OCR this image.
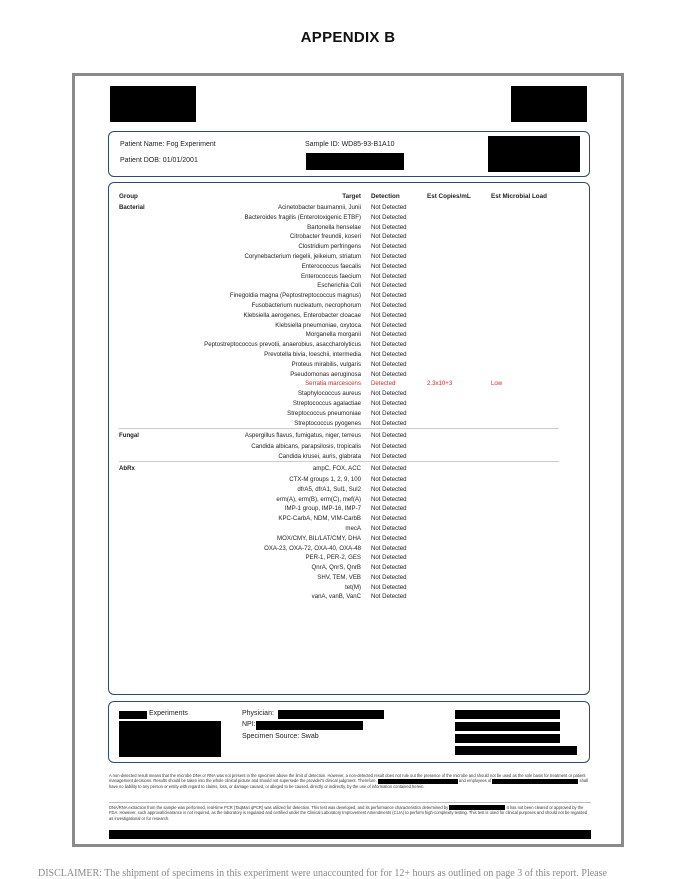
APPENDIX B
Patient Name: Fog Experiment
Patient DOB: 01/01/2001
Sample ID: WD85-93-B1A10
Group	Target	Detection	Est Copies/mL	Est Microbial Load
Bacterial	Acinetobacter baumannii, Junii	Not Detected		
	Bacteroides fragilis (Enterotoxigenic ETBF)	Not Detected		
	Bartonella henselae	Not Detected		
	Citrobacter freundii, koseri	Not Detected		
	Clostridium perfringens	Not Detected		
	Corynebacterium riegelii, jeikeium, striatum	Not Detected		
	Enterococcus faecalis	Not Detected		
	Enterococcus faecium	Not Detected		
	Escherichia Coli	Not Detected		
	Finegoldia magna (Peptostreptococcus magnus)	Not Detected		
	Fusobacterium nucleatum, necrophorum	Not Detected		
	Klebsiella aerogenes, Enterobacter cloacae	Not Detected		
	Klebsiella pneumoniae, oxytoca	Not Detected		
	Morganella morganii	Not Detected		
	Peptostreptococcus prevotii, anaerobius, asaccharolyticus	Not Detected		
	Prevotella bivia, loeschii, intermedia	Not Detected		
	Proteus mirabilis, vulgaris	Not Detected		
	Pseudomonas aeruginosa	Not Detected		
	Serratia marcescens	Detected	2.3x10+3	Low
	Staphylococcus aureus	Not Detected		
	Streptococcus agalactiae	Not Detected		
	Streptococcus pneumoniae	Not Detected		
	Streptococcus pyogenes	Not Detected		
Fungal	Aspergillus flavus, fumigatus, niger, terreus	Not Detected		
	Candida albicans, parapsilosis, tropicalis	Not Detected		
	Candida krusei, auris, glabrata	Not Detected		
AbRx	ampC, FOX, ACC	Not Detected		
	CTX-M groups 1, 2, 9, 100	Not Detected		
	dfrA5, dfrA1, Sul1, Sul2	Not Detected		
	erm(A), erm(B), erm(C), mef(A)	Not Detected		
	IMP-1 group, IMP-16, IMP-7	Not Detected		
	KPC-CarbA, NDM, VIM-CarbB	Not Detected		
	mecA	Not Detected		
	MOX/CMY, BIL/LAT/CMY, DHA	Not Detected		
	OXA-23, OXA-72, OXA-40, OXA-48	Not Detected		
	PER-1, PER-2, GES	Not Detected		
	QnrA, QnrS, QnrB	Not Detected		
	SHV, TEM, VEB	Not Detected		
	tet(M)	Not Detected		
	vanA, vanB, VanC	Not Detected		
Experiments	Physician:
NPI:
Specimen Source: Swab
A non-detected result means that the microbe DNA or RNA was not present in the specimen above the limit of detection. However, a non-detected result does not rule out the presence of the microbe and should not be used as the sole basis for treatment or patient management decisions. Results should be taken into the whole clinical picture and should not supersede the provider's clinical judgment. Therefore,	and employees of	shall have no liability to any person or entity with regard to claims, loss, or damage caused, or alleged to be caused, directly or indirectly, by the use of information contained herein.
DNA/RNA extraction from the sample was performed, real-time PCR (TaqMan qPCR) was utilized for detection. This test was developed, and its performance characteristics determined by	It has not been cleared or approved by the FDA. However, such approval/clearance is not required, as the laboratory is regulated and certified under the Clinical Laboratory Improvement Amendments (CLIA) to perform high-complexity testing. This test is used for clinical purposes and should not be regarded as investigational or for research.
DISCLAIMER: The shipment of specimens in this experiment were unaccounted for for 12+ hours as outlined on page 3 of this report. Please
